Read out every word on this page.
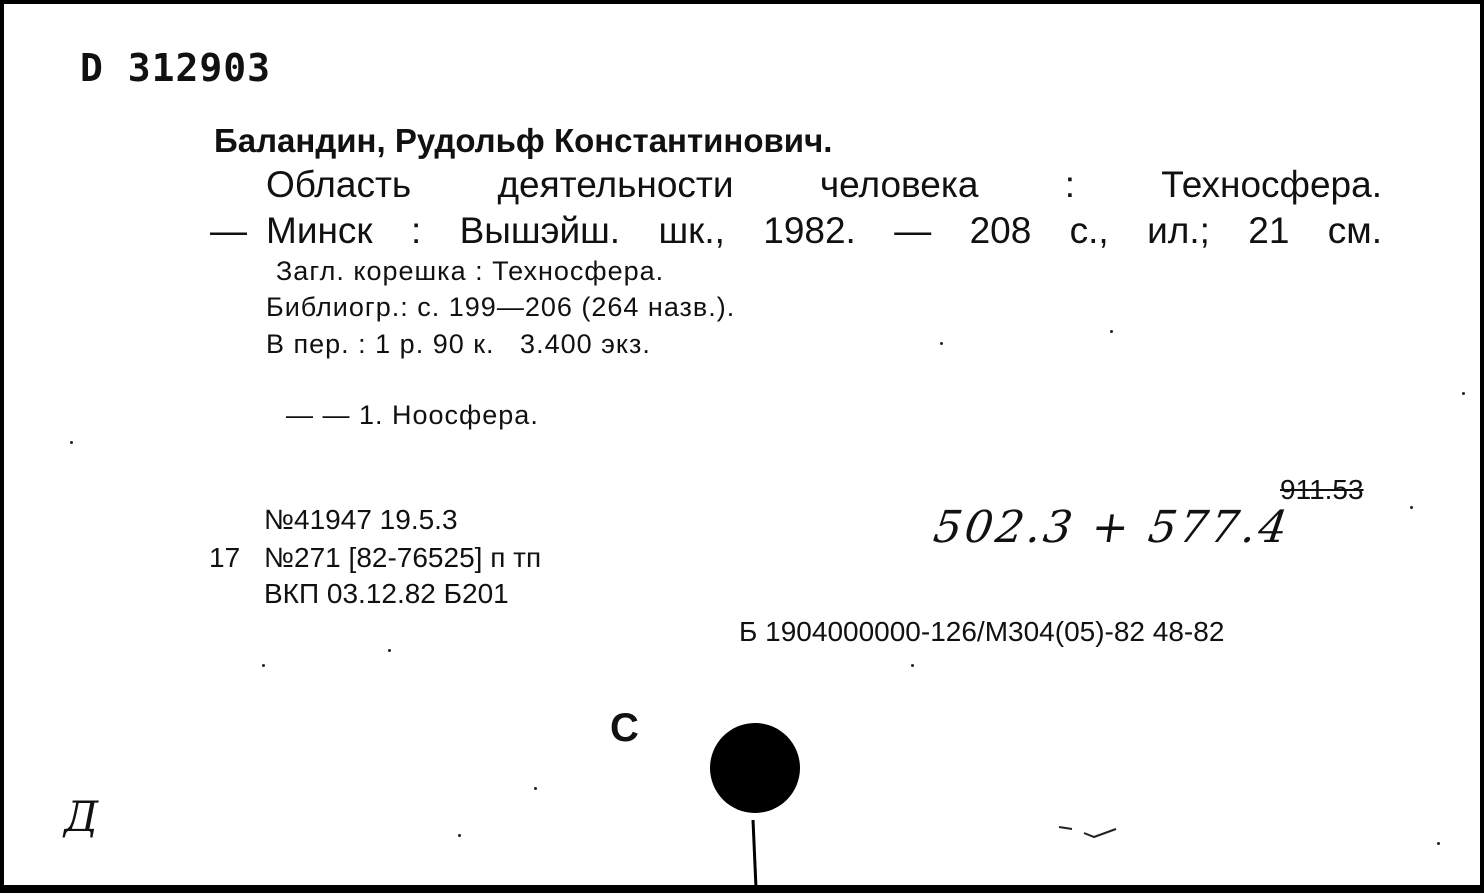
D 312903
Баландин, Рудольф Константинович.
Область деятельности человека : Техносфера.
— Минск : Вышэйш. шк., 1982. — 208 с., ил.; 21 см.
Загл. корешка : Техносфера.
Библиогр.: с. 199—206 (264 назв.).
В пер. : 1 р. 90 к.   3.400 экз.
— — 1. Ноосфера.
911.53
17
№41947 19.5.3
№271 [82-76525] п тп
ВКП 03.12.82 Б201
502.3 + 577.4
Б 1904000000-126/М304(05)-82 48-82
С
Д
